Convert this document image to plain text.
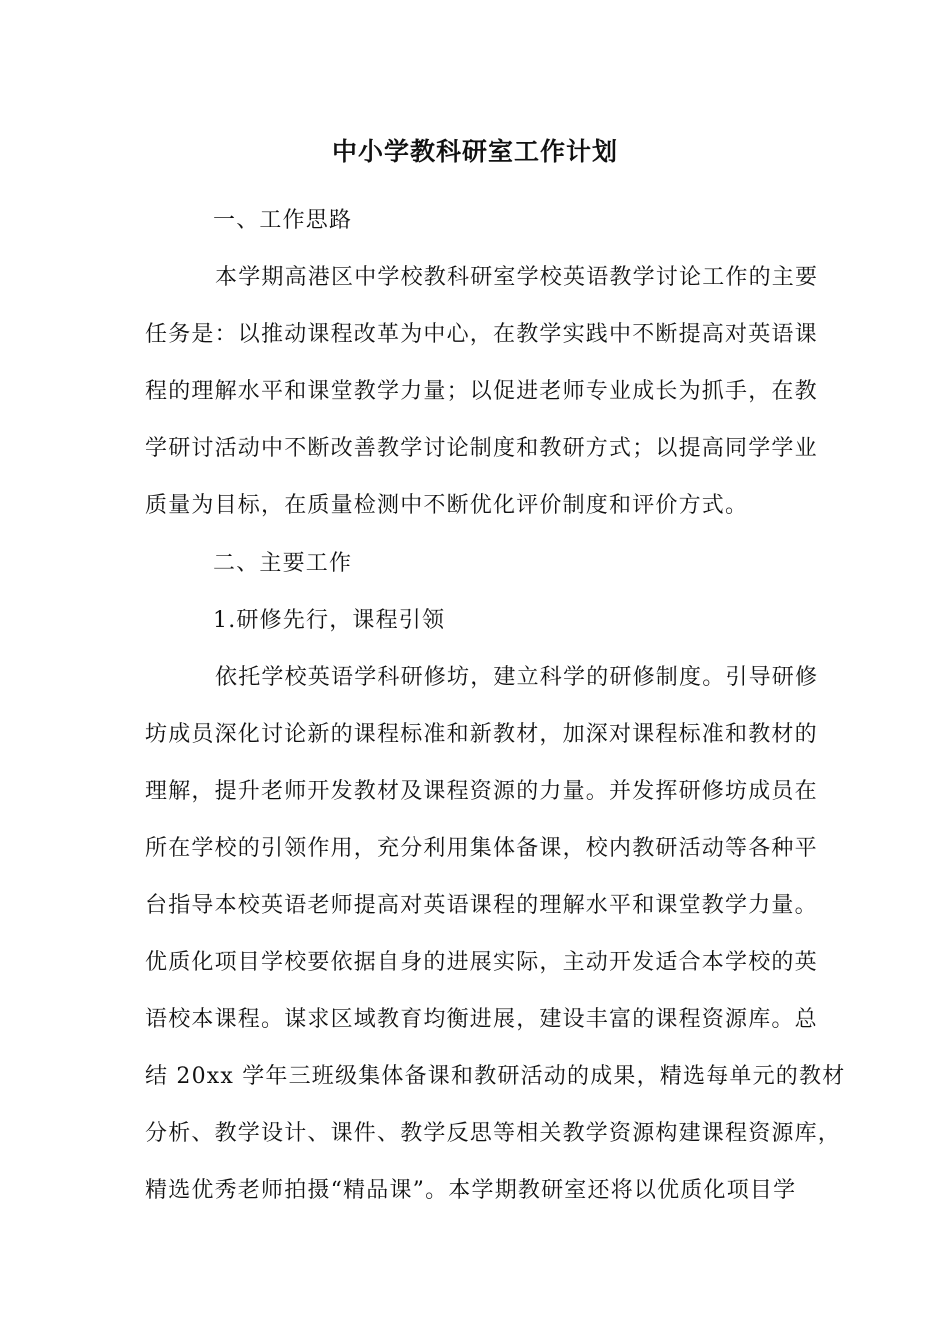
中小学教科研室工作计划
一、工作思路
本学期高港区中学校教科研室学校英语教学讨论工作的主要
任务是：以推动课程改革为中心，在教学实践中不断提高对英语课
程的理解水平和课堂教学力量；以促进老师专业成长为抓手，在教
学研讨活动中不断改善教学讨论制度和教研方式；以提高同学学业
质量为目标，在质量检测中不断优化评价制度和评价方式。
二、主要工作
1.研修先行，课程引领
依托学校英语学科研修坊，建立科学的研修制度。引导研修
坊成员深化讨论新的课程标准和新教材，加深对课程标准和教材的
理解，提升老师开发教材及课程资源的力量。并发挥研修坊成员在
所在学校的引领作用，充分利用集体备课，校内教研活动等各种平
台指导本校英语老师提高对英语课程的理解水平和课堂教学力量。
优质化项目学校要依据自身的进展实际，主动开发适合本学校的英
语校本课程。谋求区域教育均衡进展，建设丰富的课程资源库。总
结 20xx 学年三班级集体备课和教研活动的成果，精选每单元的教材
分析、教学设计、课件、教学反思等相关教学资源构建课程资源库，
精选优秀老师拍摄“精品课”。本学期教研室还将以优质化项目学
